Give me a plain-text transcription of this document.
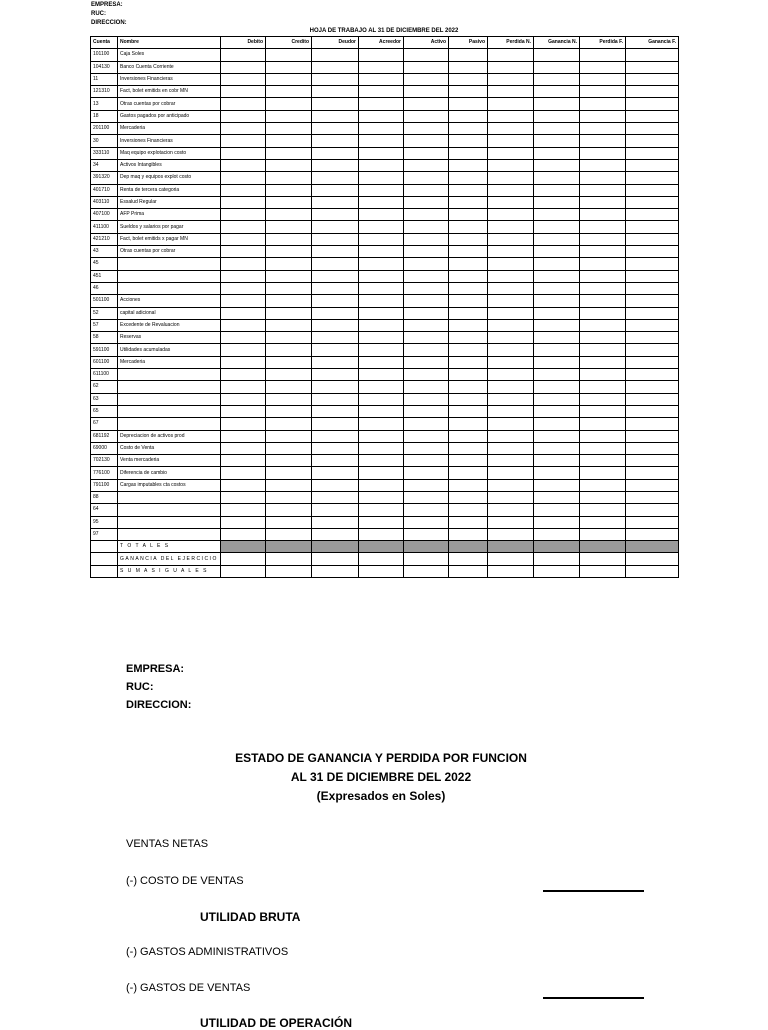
EMPRESA:
RUC:
DIRECCION:
HOJA DE TRABAJO AL 31 DE DICIEMBRE DEL 2022
Cuenta	Nombre	Debito	Credito	Deudor	Acreedor	Activo	Pasivo	Perdida N.	Ganancia N.	Perdida F.	Ganancia F.
101100	Caja Soles										
104130	Banco Cuenta Corriente										
11	Inversiones Financieras										
121310	Fact, bolet emitids en cobr MN										
13	Otras cuentas por cobrar										
18	Gastos pagados por anticipado										
201100	Mercaderia										
30	Inversiones Financieras										
333110	Maq equipo explotacion costo										
34	Activos Intangibles										
391320	Dep maq y equipos explot costo										
401710	Renta de tercera categoria										
403110	Essalud Regular										
407100	AFP Prima										
411100	Sueldos y salarios por pagar										
421210	Fact, bolet emitids x pagar MN										
43	Otras cuentas por cobrar										
45											
451											
46											
501100	Acciones										
52	capital adicional										
57	Excedente de Revaluacion										
58	Reservas										
591100	Utilidades acumuladas										
601100	Mercaderia										
611100											
62											
63											
65											
67											
681192	Depreciacion de activos prod										
69000	Costo de Venta										
702130	Venta mercaderia										
776100	Diferencia de cambio										
791100	Cargas imputables cta costos										
88											
64											
95											
97											
	T O T A L E S										
	GANANCIA DEL EJERCICIO										
	S U M A S I G U A L E S										
EMPRESA:
RUC:
DIRECCION:
ESTADO DE GANANCIA Y PERDIDA POR FUNCION
AL 31 DE DICIEMBRE DEL 2022
(Expresados en Soles)
VENTAS NETAS
(-) COSTO DE VENTAS
UTILIDAD BRUTA
(-) GASTOS ADMINISTRATIVOS
(-) GASTOS DE VENTAS
UTILIDAD DE OPERACIÓN
